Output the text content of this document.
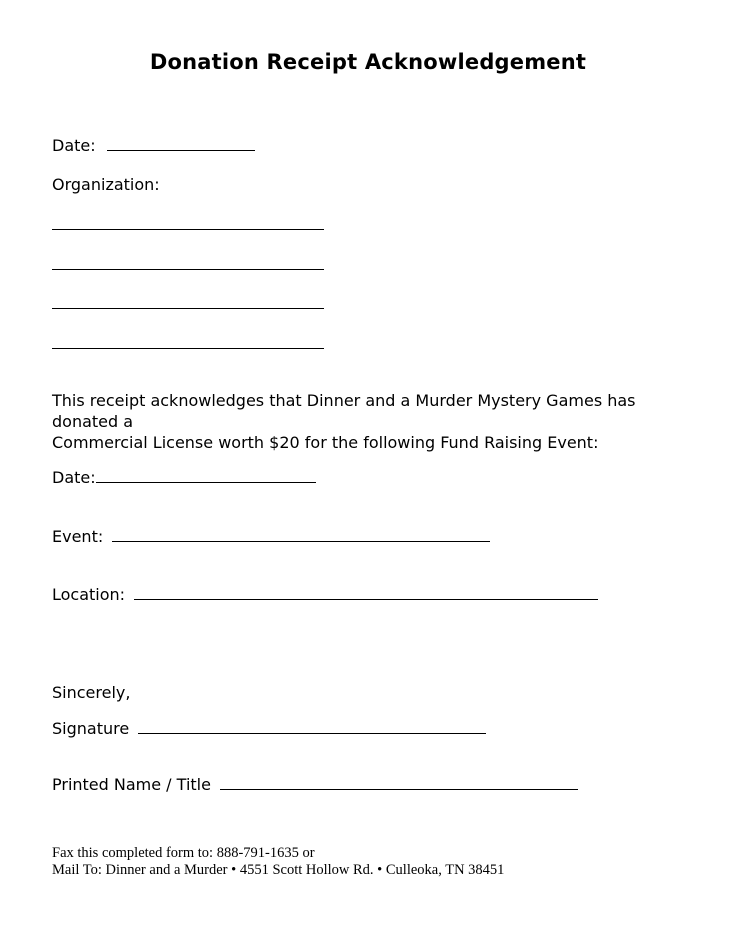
Donation Receipt Acknowledgement
Date:
Organization:
This receipt acknowledges that Dinner and a Murder Mystery Games has donated a
Commercial License worth $20 for the following Fund Raising Event:
Date:
Event:
Location:
Sincerely,
Signature
Printed Name / Title
Fax this completed form to: 888-791-1635 or
Mail To: Dinner and a Murder • 4551 Scott Hollow Rd. • Culleoka, TN 38451
